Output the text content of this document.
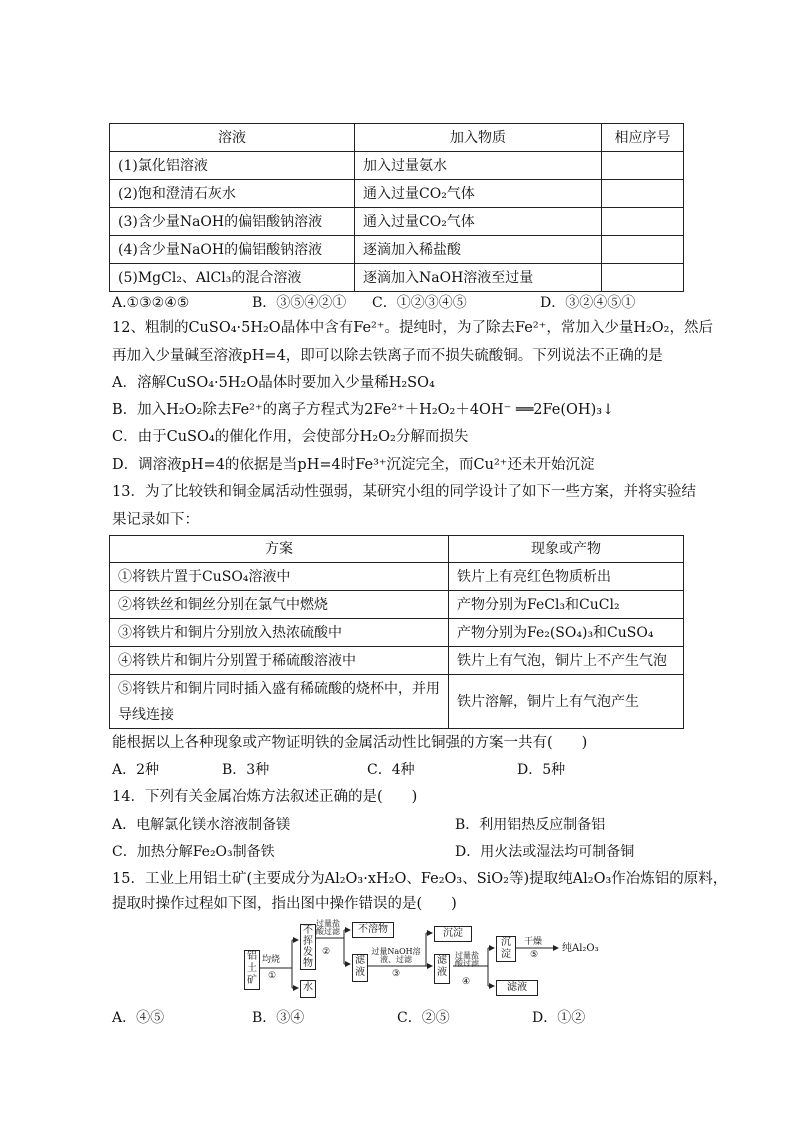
溶液	加入物质	相应序号
(1)氯化铝溶液	加入过量氨水	
(2)饱和澄清石灰水	通入过量CO₂气体	
(3)含少量NaOH的偏铝酸钠溶液	通入过量CO₂气体	
(4)含少量NaOH的偏铝酸钠溶液	逐滴加入稀盐酸	
(5)MgCl₂、AlCl₃的混合溶液	逐滴加入NaOH溶液至过量	
A.①③②④⑤	B．③⑤④②① C．①②③④⑤	D．③②④⑤①
12、粗制的CuSO₄·5H₂O晶体中含有Fe²⁺。提纯时，为了除去Fe²⁺，常加入少量H₂O₂，然后
再加入少量碱至溶液pH=4，即可以除去铁离子而不损失硫酸铜。下列说法不正确的是
A．溶解CuSO₄·5H₂O晶体时要加入少量稀H₂SO₄
B．加入H₂O₂除去Fe²⁺的离子方程式为2Fe²⁺＋H₂O₂＋4OH⁻ ══2Fe(OH)₃↓
C．由于CuSO₄的催化作用，会使部分H₂O₂分解而损失
D．调溶液pH=4的依据是当pH=4时Fe³⁺沉淀完全，而Cu²⁺还未开始沉淀
13．为了比较铁和铜金属活动性强弱，某研究小组的同学设计了如下一些方案，并将实验结
果记录如下：
方案	现象或产物
①将铁片置于CuSO₄溶液中	铁片上有亮红色物质析出
②将铁丝和铜丝分别在氯气中燃烧	产物分别为FeCl₃和CuCl₂
③将铁片和铜片分别放入热浓硫酸中	产物分别为Fe₂(SO₄)₃和CuSO₄
④将铁片和铜片分别置于稀硫酸溶液中	铁片上有气泡，铜片上不产生气泡
⑤将铁片和铜片同时插入盛有稀硫酸的烧杯中，并用导线连接	铁片溶解，铜片上有气泡产生
能根据以上各种现象或产物证明铁的金属活动性比铜强的方案一共有(　　)
A．2种	B．3种	C．4种	D．5种
14．下列有关金属冶炼方法叙述正确的是(　　)
A．电解氯化镁水溶液制备镁	B．利用铝热反应制备铝
C．加热分解Fe₂O₃制备铁	D．用火法或湿法均可制备铜
15．工业上用铝土矿(主要成分为Al₂O₃·xH₂O、Fe₂O₃、SiO₂等)提取纯Al₂O₃作冶炼铝的原料，
提取时操作过程如下图，指出图中操作错误的是(　　)
铝土矿
均烧
①
不挥发物
水
过量盐酸过滤
②
不溶物
滤液
过量NaOH溶液、过滤
③
沉淀
滤液
过量盐酸过滤
④
沉淀
滤液
干燥
⑤
纯Al₂O₃
A．④⑤	B．③④	C．②⑤	D．①②
